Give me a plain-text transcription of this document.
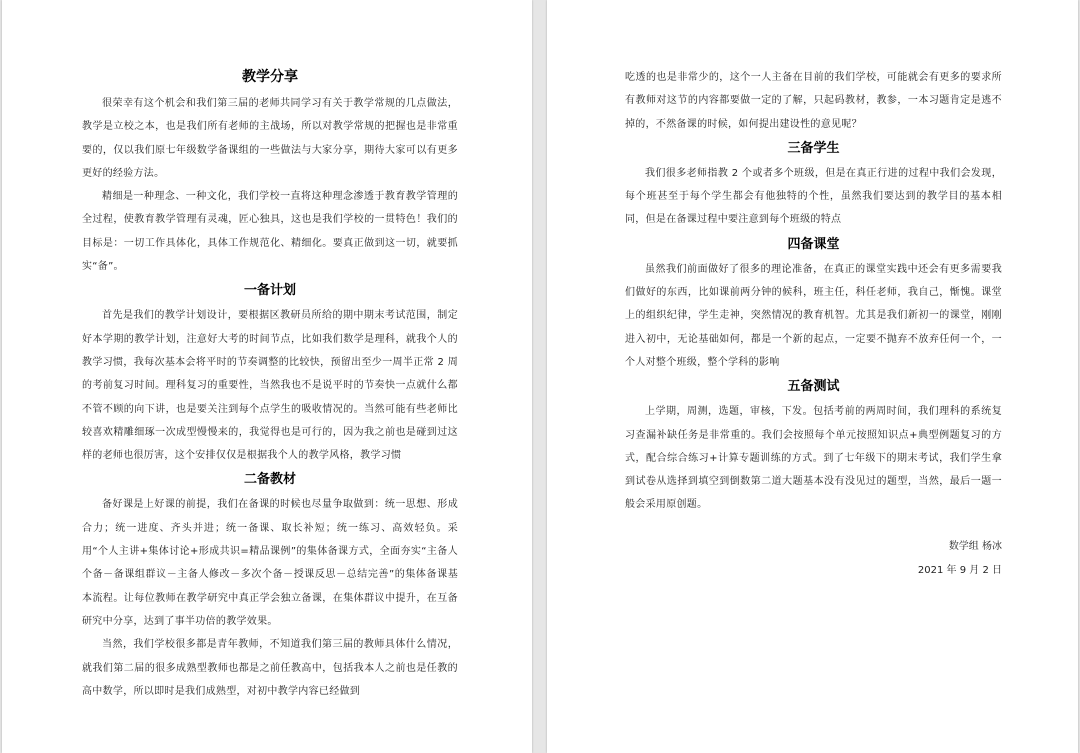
教学分享

很荣幸有这个机会和我们第三届的老师共同学习有关于教学常规的几点做法，教学是立校之本，也是我们所有老师的主战场，所以对教学常规的把握也是非常重要的，仅以我们原七年级数学备课组的一些做法与大家分享，期待大家可以有更多更好的经验方法。

精细是一种理念、一种文化，我们学校一直将这种理念渗透于教育教学管理的全过程，使教育教学管理有灵魂，匠心独具，这也是我们学校的一贯特色！我们的目标是：一切工作具体化，具体工作规范化、精细化。要真正做到这一切，就要抓实“备”。

一备计划

首先是我们的教学计划设计，要根据区教研员所给的期中期末考试范围，制定好本学期的教学计划，注意好大考的时间节点，比如我们数学是理科，就我个人的教学习惯，我每次基本会将平时的节奏调整的比较快，预留出至少一周半正常 2 周的考前复习时间。理科复习的重要性，当然我也不是说平时的节奏快一点就什么都不管不顾的向下讲，也是要关注到每个点学生的吸收情况的。当然可能有些老师比较喜欢精雕细琢一次成型慢慢来的，我觉得也是可行的，因为我之前也是碰到过这样的老师也很厉害，这个安排仅仅是根据我个人的教学风格，教学习惯

二备教材

备好课是上好课的前提，我们在备课的时候也尽量争取做到：统一思想、形成合力；统一进度、齐头并进；统一备课、取长补短；统一练习、高效轻负。采用“个人主讲+集体讨论+形成共识=精品课例”的集体备课方式，全面夯实“主备人个备－备课组群议－主备人修改－多次个备－授课反思－总结完善”的集体备课基本流程。让每位教师在教学研究中真正学会独立备课，在集体群议中提升，在互备研究中分享，达到了事半功倍的教学效果。

当然，我们学校很多都是青年教师，不知道我们第三届的教师具体什么情况，就我们第二届的很多成熟型教师也都是之前任教高中，包括我本人之前也是任教的高中数学，所以即时是我们成熟型，对初中教学内容已经做到

吃透的也是非常少的，这个一人主备在目前的我们学校，可能就会有更多的要求所有教师对这节的内容都要做一定的了解，只起码教材，教参，一本习题肯定是逃不掉的，不然备课的时候，如何提出建设性的意见呢？

三备学生

我们很多老师指教 2 个或者多个班级，但是在真正行进的过程中我们会发现，每个班甚至于每个学生都会有他独特的个性，虽然我们要达到的教学目的基本相同，但是在备课过程中要注意到每个班级的特点

四备课堂

虽然我们前面做好了很多的理论准备，在真正的课堂实践中还会有更多需要我们做好的东西，比如课前两分钟的候科，班主任，科任老师，我自己，惭愧。课堂上的组织纪律，学生走神，突然情况的教育机智。尤其是我们新初一的课堂，刚刚进入初中，无论基础如何，都是一个新的起点，一定要不抛弃不放弃任何一个，一个人对整个班级，整个学科的影响

五备测试

上学期，周测，选题，审核，下发。包括考前的两周时间，我们理科的系统复习查漏补缺任务是非常重的。我们会按照每个单元按照知识点+典型例题复习的方式，配合综合练习+计算专题训练的方式。到了七年级下的期末考试，我们学生拿到试卷从选择到填空到倒数第二道大题基本没有没见过的题型，当然，最后一题一般会采用原创题。

数学组 杨冰

2021 年 9 月 2 日
